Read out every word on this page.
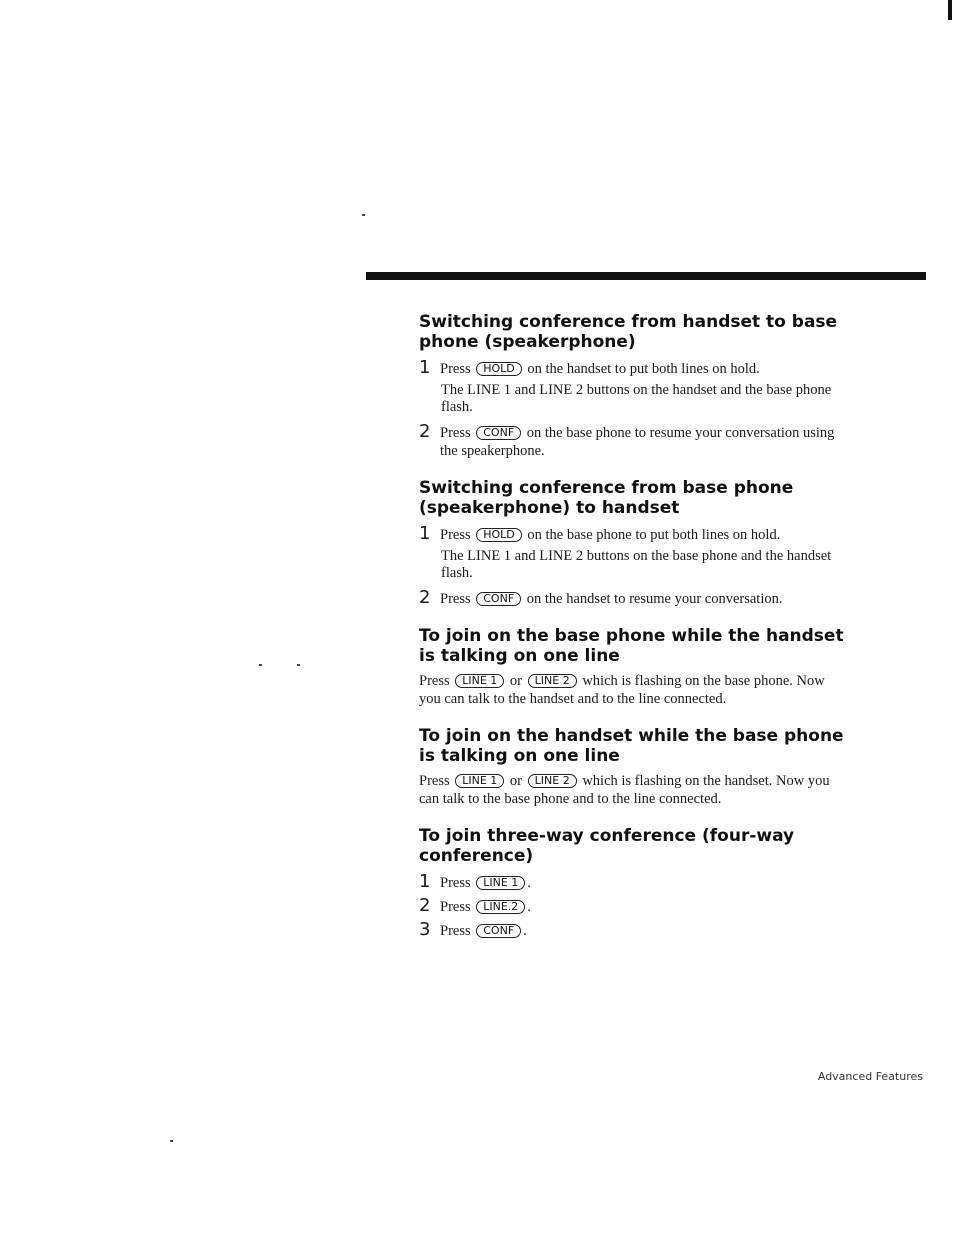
Switching conference from handset to base phone (speakerphone)
1 Press HOLD on the handset to put both lines on hold.
The LINE 1 and LINE 2 buttons on the handset and the base phone flash.
2 Press CONF on the base phone to resume your conversation using the speakerphone.
Switching conference from base phone (speakerphone) to handset
1 Press HOLD on the base phone to put both lines on hold.
The LINE 1 and LINE 2 buttons on the base phone and the handset flash.
2 Press CONF on the handset to resume your conversation.
To join on the base phone while the handset is talking on one line

Press LINE 1 or LINE 2 which is flashing on the base phone. Now you can talk to the handset and to the line connected.

To join on the handset while the base phone is talking on one line

Press LINE 1 or LINE 2 which is flashing on the handset. Now you can talk to the base phone and to the line connected.

To join three-way conference (four-way conference)
1 Press LINE 1 .
2 Press LINE.2 .
3 Press CONF .
Advanced Features
